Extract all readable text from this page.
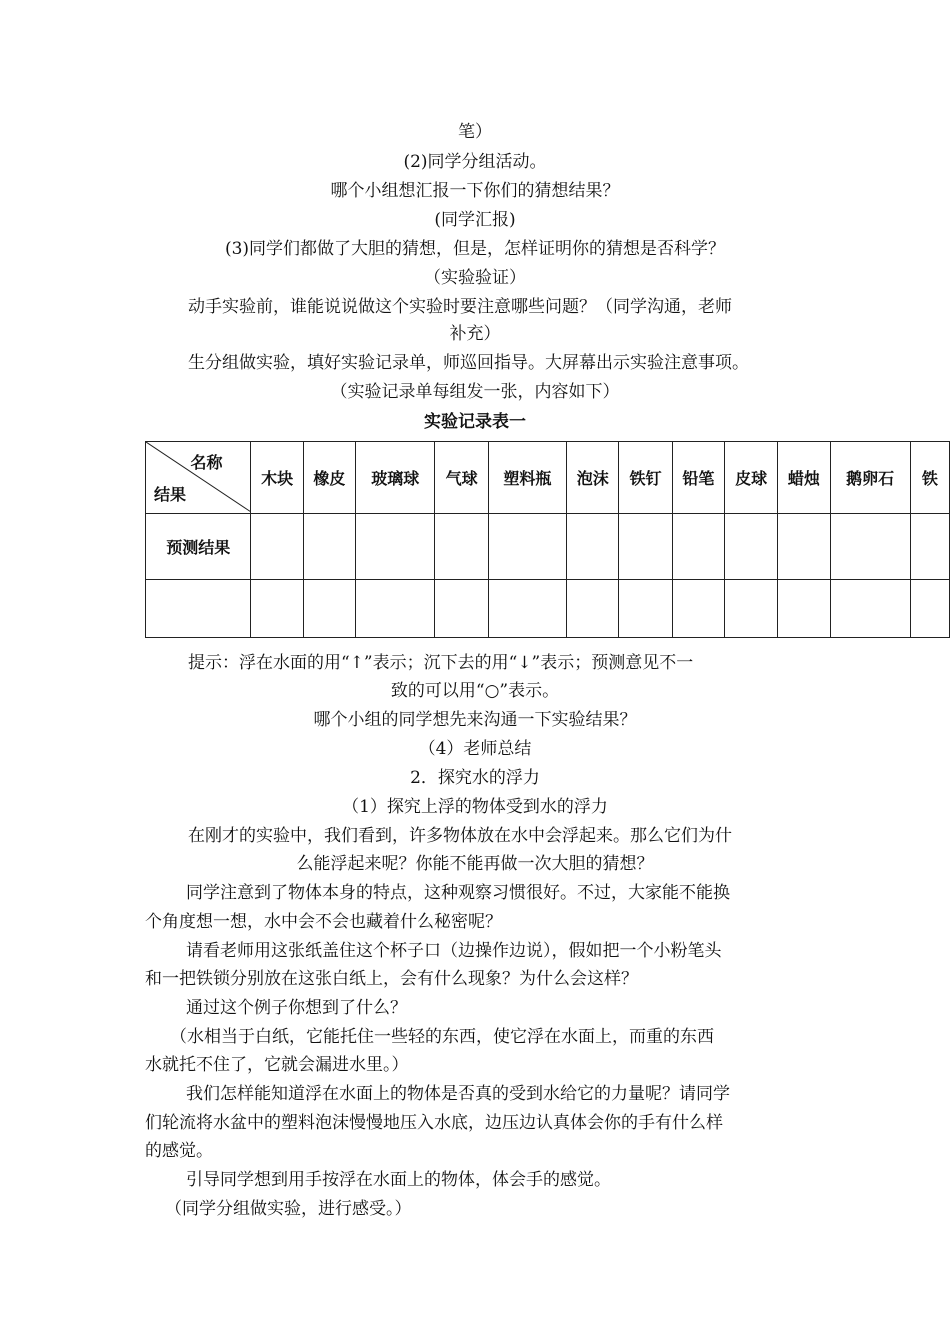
笔）
(2)同学分组活动。
哪个小组想汇报一下你们的猜想结果？
(同学汇报)
(3)同学们都做了大胆的猜想，但是，怎样证明你的猜想是否科学？
（实验验证）
动手实验前，谁能说说做这个实验时要注意哪些问题？（同学沟通，老师
补充）
生分组做实验，填好实验记录单，师巡回指导。大屏幕出示实验注意事项。
（实验记录单每组发一张，内容如下）
实验记录表一
名称
结果	木块	橡皮	玻璃球	气球	塑料瓶	泡沫	铁钉	铅笔	皮球	蜡烛	鹅卵石	铁
预测结果												

提示：浮在水面的用“↑”表示；沉下去的用“↓”表示；预测意见不一
致的可以用“○”表示。
哪个小组的同学想先来沟通一下实验结果？
（4）老师总结
2．探究水的浮力
（1）探究上浮的物体受到水的浮力
在刚才的实验中，我们看到，许多物体放在水中会浮起来。那么它们为什
么能浮起来呢？你能不能再做一次大胆的猜想？
同学注意到了物体本身的特点，这种观察习惯很好。不过，大家能不能换
个角度想一想，水中会不会也藏着什么秘密呢？
请看老师用这张纸盖住这个杯子口（边操作边说），假如把一个小粉笔头
和一把铁锁分别放在这张白纸上，会有什么现象？为什么会这样？
通过这个例子你想到了什么？
（水相当于白纸，它能托住一些轻的东西，使它浮在水面上，而重的东西
水就托不住了，它就会漏进水里。）
我们怎样能知道浮在水面上的物体是否真的受到水给它的力量呢？请同学
们轮流将水盆中的塑料泡沫慢慢地压入水底，边压边认真体会你的手有什么样
的感觉。
引导同学想到用手按浮在水面上的物体，体会手的感觉。
（同学分组做实验，进行感受。）
